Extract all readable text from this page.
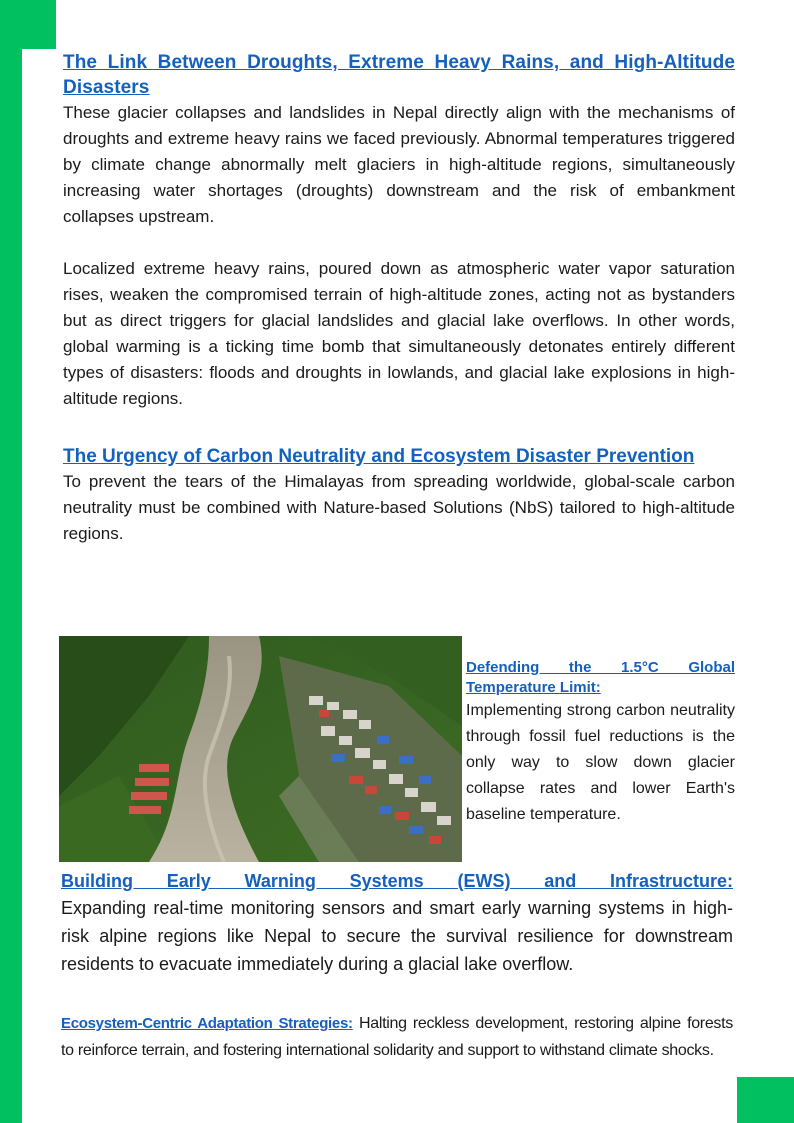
The Link Between Droughts, Extreme Heavy Rains, and High-Altitude Disasters

These glacier collapses and landslides in Nepal directly align with the mechanisms of droughts and extreme heavy rains we faced previously. Abnormal temperatures triggered by climate change abnormally melt glaciers in high-altitude regions, simultaneously increasing water shortages (droughts) downstream and the risk of embankment collapses upstream.

Localized extreme heavy rains, poured down as atmospheric water vapor saturation rises, weaken the compromised terrain of high-altitude zones, acting not as bystanders but as direct triggers for glacial landslides and glacial lake overflows. In other words, global warming is a ticking time bomb that simultaneously detonates entirely different types of disasters: floods and droughts in lowlands, and glacial lake explosions in high-altitude regions.

The Urgency of Carbon Neutrality and Ecosystem Disaster Prevention

To prevent the tears of the Himalayas from spreading worldwide, global-scale carbon neutrality must be combined with Nature-based Solutions (NbS) tailored to high-altitude regions.

Defending the 1.5°C Global Temperature Limit:

Implementing strong carbon neutrality through fossil fuel reductions is the only way to slow down glacier collapse rates and lower Earth's baseline temperature.

Building Early Warning Systems (EWS) and Infrastructure:

Expanding real-time monitoring sensors and smart early warning systems in high-risk alpine regions like Nepal to secure the survival resilience for downstream residents to evacuate immediately during a glacial lake overflow.

Ecosystem-Centric Adaptation Strategies: Halting reckless development, restoring alpine forests to reinforce terrain, and fostering international solidarity and support to withstand climate shocks.
